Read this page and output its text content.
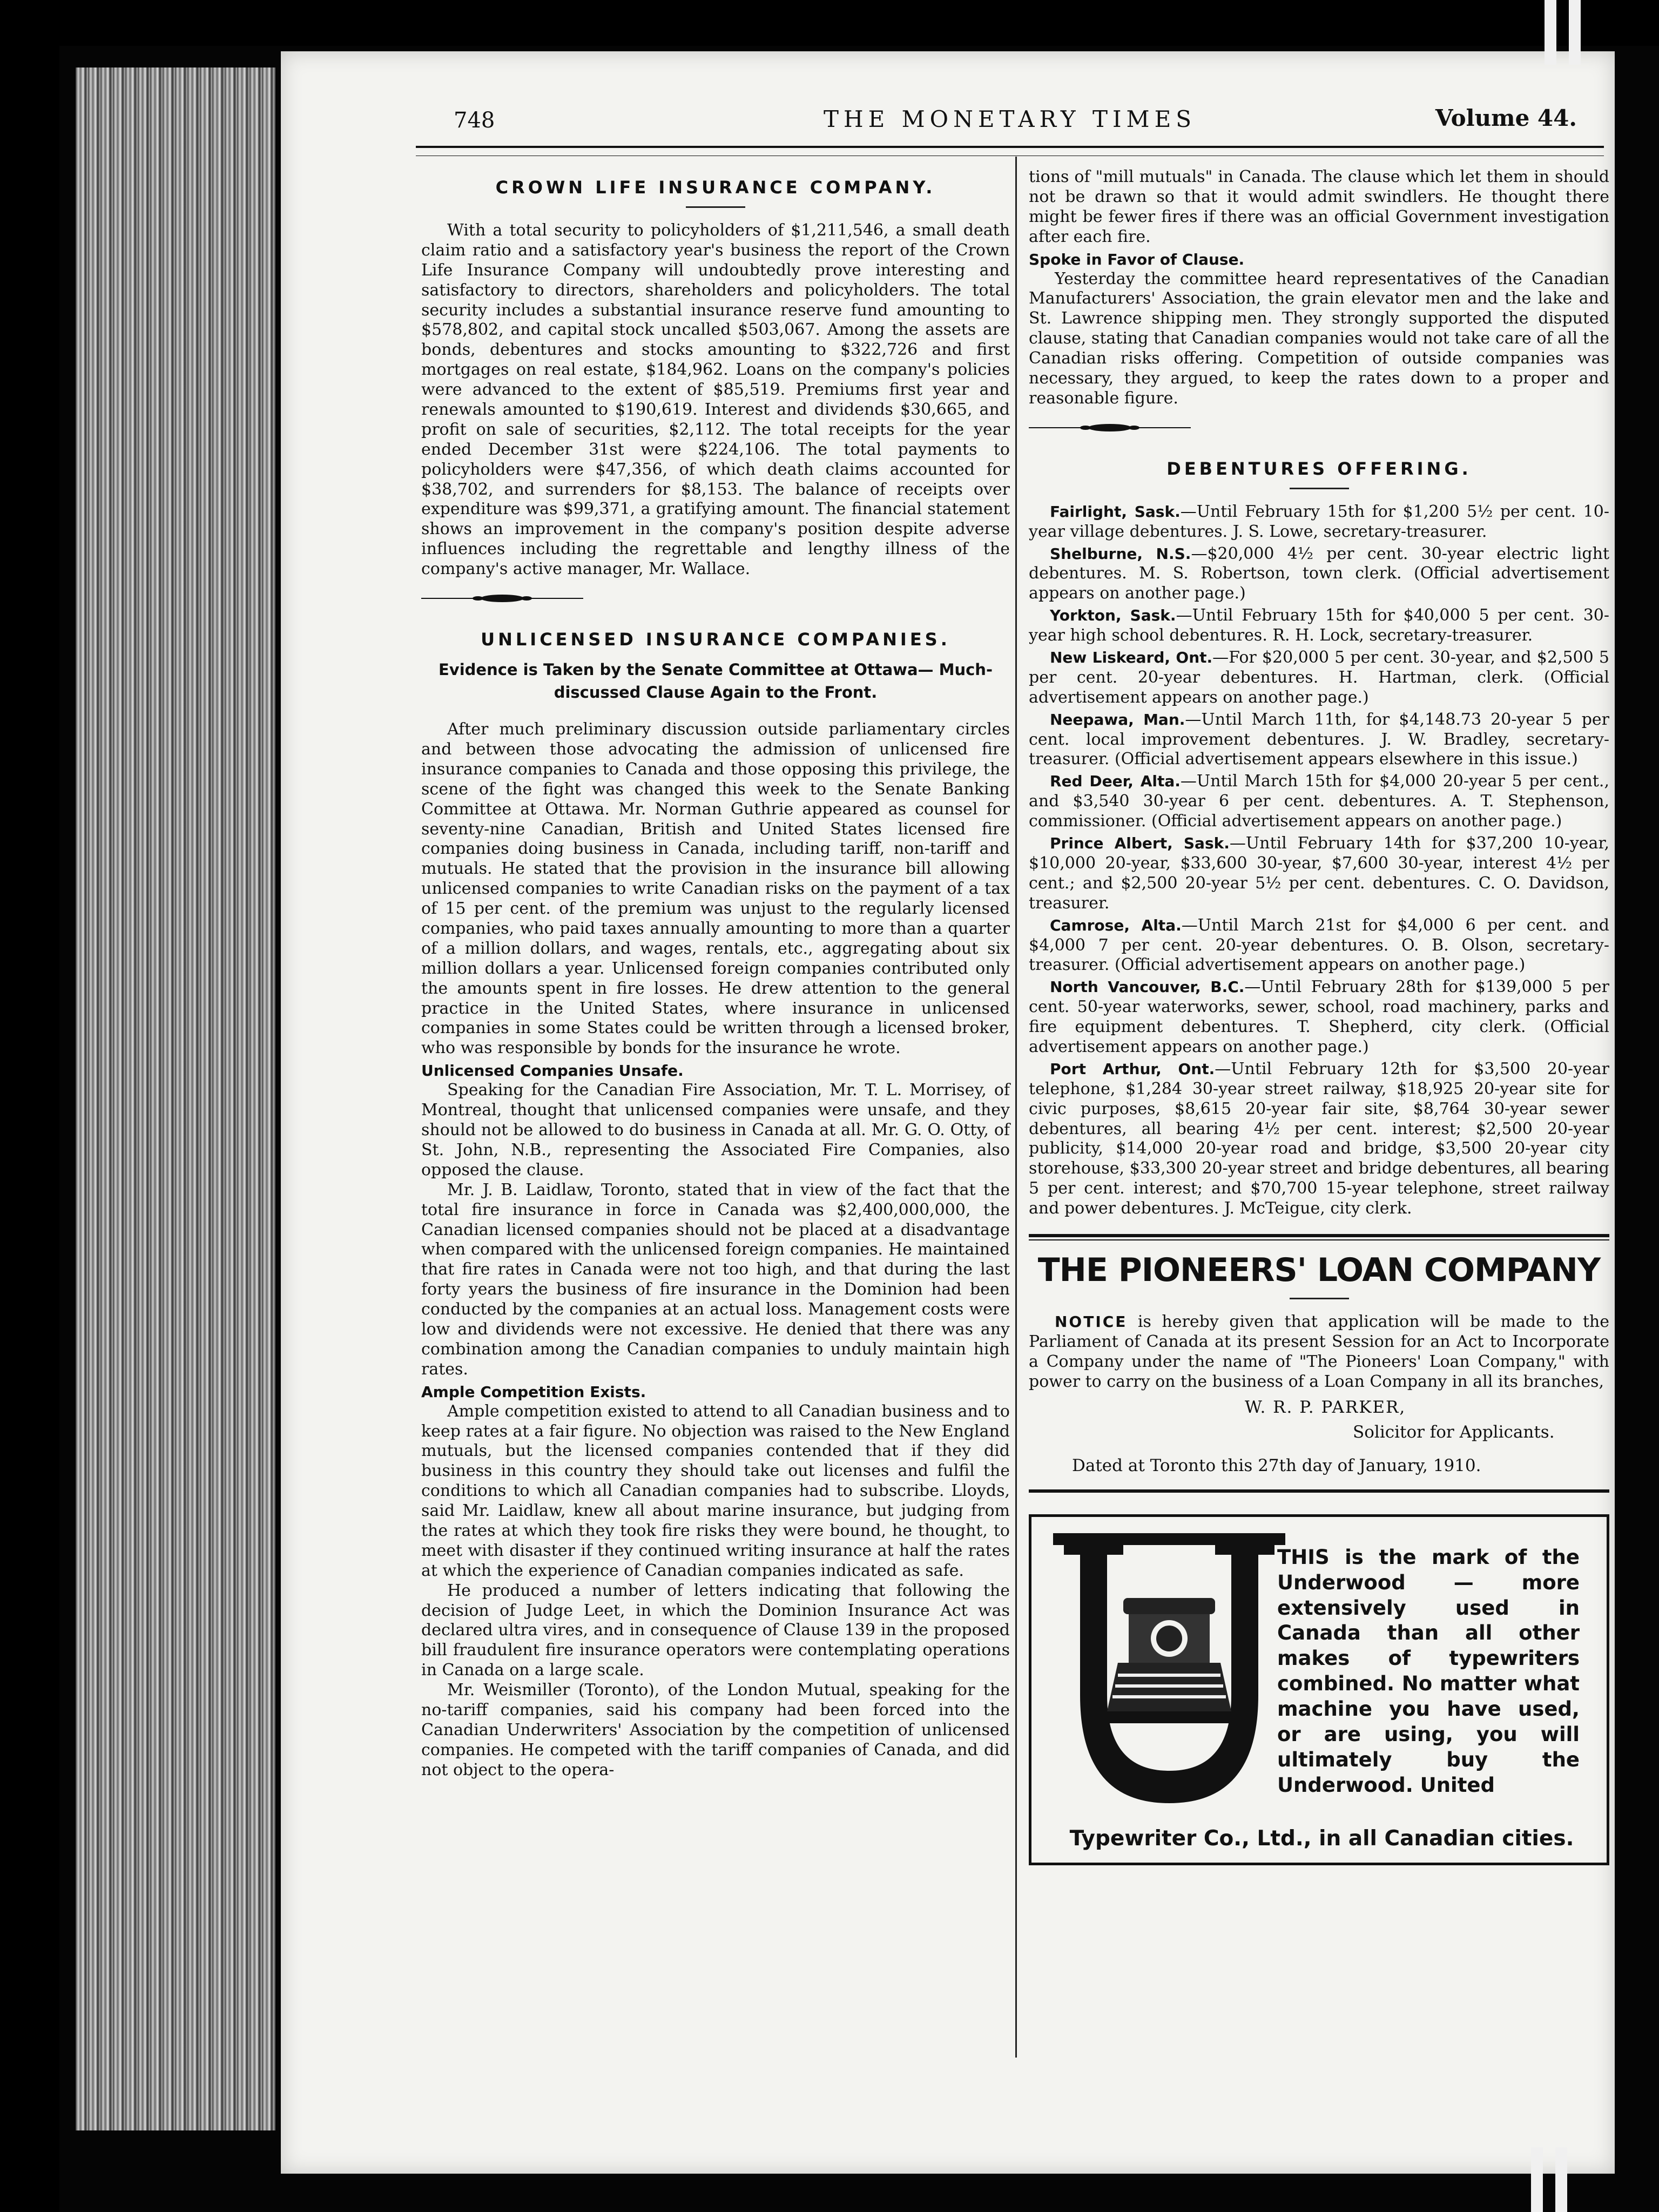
748	THE MONETARY TIMES	Volume 44.
CROWN LIFE INSURANCE COMPANY.

With a total security to policyholders of $1,211,546, a small death claim ratio and a satisfactory year's business the report of the Crown Life Insurance Company will undoubtedly prove interesting and satisfactory to directors, shareholders and policyholders. The total security includes a substantial insurance reserve fund amounting to $578,802, and capital stock uncalled $503,067. Among the assets are bonds, debentures and stocks amounting to $322,726 and first mortgages on real estate, $184,962. Loans on the company's policies were advanced to the extent of $85,519. Premiums first year and renewals amounted to $190,619. Interest and dividends $30,665, and profit on sale of securities, $2,112. The total receipts for the year ended December 31st were $224,106. The total payments to policyholders were $47,356, of which death claims accounted for $38,702, and surrenders for $8,153. The balance of receipts over expenditure was $99,371, a gratifying amount. The financial statement shows an improvement in the company's position despite adverse influences including the regrettable and lengthy illness of the company's active manager, Mr. Wallace.

UNLICENSED INSURANCE COMPANIES.
Evidence is Taken by the Senate Committee at Ottawa— Much-discussed Clause Again to the Front.

After much preliminary discussion outside parliamentary circles and between those advocating the admission of unlicensed fire insurance companies to Canada and those opposing this privilege, the scene of the fight was changed this week to the Senate Banking Committee at Ottawa. Mr. Norman Guthrie appeared as counsel for seventy-nine Canadian, British and United States licensed fire companies doing business in Canada, including tariff, non-tariff and mutuals. He stated that the provision in the insurance bill allowing unlicensed companies to write Canadian risks on the payment of a tax of 15 per cent. of the premium was unjust to the regularly licensed companies, who paid taxes annually amounting to more than a quarter of a million dollars, and wages, rentals, etc., aggregating about six million dollars a year. Unlicensed foreign companies contributed only the amounts spent in fire losses. He drew attention to the general practice in the United States, where insurance in unlicensed companies in some States could be written through a licensed broker, who was responsible by bonds for the insurance he wrote.

Unlicensed Companies Unsafe.

Speaking for the Canadian Fire Association, Mr. T. L. Morrisey, of Montreal, thought that unlicensed companies were unsafe, and they should not be allowed to do business in Canada at all. Mr. G. O. Otty, of St. John, N.B., representing the Associated Fire Companies, also opposed the clause.

Mr. J. B. Laidlaw, Toronto, stated that in view of the fact that the total fire insurance in force in Canada was $2,400,000,000, the Canadian licensed companies should not be placed at a disadvantage when compared with the unlicensed foreign companies. He maintained that fire rates in Canada were not too high, and that during the last forty years the business of fire insurance in the Dominion had been conducted by the companies at an actual loss. Management costs were low and dividends were not excessive. He denied that there was any combination among the Canadian companies to unduly maintain high rates.

Ample Competition Exists.

Ample competition existed to attend to all Canadian business and to keep rates at a fair figure. No objection was raised to the New England mutuals, but the licensed companies contended that if they did business in this country they should take out licenses and fulfil the conditions to which all Canadian companies had to subscribe. Lloyds, said Mr. Laidlaw, knew all about marine insurance, but judging from the rates at which they took fire risks they were bound, he thought, to meet with disaster if they continued writing insurance at half the rates at which the experience of Canadian companies indicated as safe.

He produced a number of letters indicating that following the decision of Judge Leet, in which the Dominion Insurance Act was declared ultra vires, and in consequence of Clause 139 in the proposed bill fraudulent fire insurance operators were contemplating operations in Canada on a large scale.

Mr. Weismiller (Toronto), of the London Mutual, speaking for the no-tariff companies, said his company had been forced into the Canadian Underwriters' Association by the competition of unlicensed companies. He competed with the tariff companies of Canada, and did not object to the opera-

tions of "mill mutuals" in Canada. The clause which let them in should not be drawn so that it would admit swindlers. He thought there might be fewer fires if there was an official Government investigation after each fire.

Spoke in Favor of Clause.

Yesterday the committee heard representatives of the Canadian Manufacturers' Association, the grain elevator men and the lake and St. Lawrence shipping men. They strongly supported the disputed clause, stating that Canadian companies would not take care of all the Canadian risks offering. Competition of outside companies was necessary, they argued, to keep the rates down to a proper and reasonable figure.

DEBENTURES OFFERING.

Fairlight, Sask.—Until February 15th for $1,200 5½ per cent. 10-year village debentures. J. S. Lowe, secretary-treasurer.

Shelburne, N.S.—$20,000 4½ per cent. 30-year electric light debentures. M. S. Robertson, town clerk. (Official advertisement appears on another page.)

Yorkton, Sask.—Until February 15th for $40,000 5 per cent. 30-year high school debentures. R. H. Lock, secretary-treasurer.

New Liskeard, Ont.—For $20,000 5 per cent. 30-year, and $2,500 5 per cent. 20-year debentures. H. Hartman, clerk. (Official advertisement appears on another page.)

Neepawa, Man.—Until March 11th, for $4,148.73 20-year 5 per cent. local improvement debentures. J. W. Bradley, secretary-treasurer. (Official advertisement appears elsewhere in this issue.)

Red Deer, Alta.—Until March 15th for $4,000 20-year 5 per cent., and $3,540 30-year 6 per cent. debentures. A. T. Stephenson, commissioner. (Official advertisement appears on another page.)

Prince Albert, Sask.—Until February 14th for $37,200 10-year, $10,000 20-year, $33,600 30-year, $7,600 30-year, interest 4½ per cent.; and $2,500 20-year 5½ per cent. debentures. C. O. Davidson, treasurer.

Camrose, Alta.—Until March 21st for $4,000 6 per cent. and $4,000 7 per cent. 20-year debentures. O. B. Olson, secretary-treasurer. (Official advertisement appears on another page.)

North Vancouver, B.C.—Until February 28th for $139,000 5 per cent. 50-year waterworks, sewer, school, road machinery, parks and fire equipment debentures. T. Shepherd, city clerk. (Official advertisement appears on another page.)

Port Arthur, Ont.—Until February 12th for $3,500 20-year telephone, $1,284 30-year street railway, $18,925 20-year site for civic purposes, $8,615 20-year fair site, $8,764 30-year sewer debentures, all bearing 4½ per cent. interest; $2,500 20-year publicity, $14,000 20-year road and bridge, $3,500 20-year city storehouse, $33,300 20-year street and bridge debentures, all bearing 5 per cent. interest; and $70,700 15-year telephone, street railway and power debentures. J. McTeigue, city clerk.

THE PIONEERS' LOAN COMPANY

NOTICE is hereby given that application will be made to the Parliament of Canada at its present Session for an Act to Incorporate a Company under the name of "The Pioneers' Loan Company," with power to carry on the business of a Loan Company in all its branches,

W. R. P. PARKER,
Solicitor for Applicants.
Dated at Toronto this 27th day of January, 1910.
THIS is the mark of the Underwood — more extensively used in Canada than all other makes of typewriters combined. No matter what machine you have used, or are using, you will ultimately buy the Underwood. United
Typewriter Co., Ltd., in all Canadian cities.
